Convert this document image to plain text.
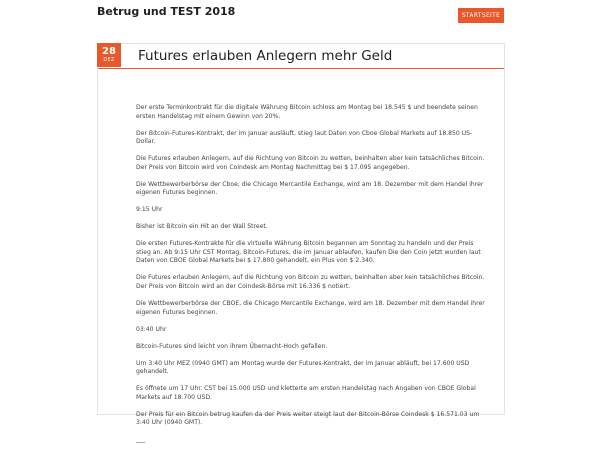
Betrug und TEST 2018	STARTSEITE
28
DEZ Futures erlauben Anlegern mehr Geld

Der erste Terminkontrakt für die digitale Währung Bitcoin schloss am Montag bei 18.545 $ und beendete seinen ersten Handelstag mit einem Gewinn von 20%.

Der Bitcoin-Futures-Kontrakt, der im Januar ausläuft, stieg laut Daten von Cboe Global Markets auf 18.850 US-Dollar.

Die Futures erlauben Anlegern, auf die Richtung von Bitcoin zu wetten, beinhalten aber kein tatsächliches Bitcoin. Der Preis von Bitcoin wird von Coindesk am Montag Nachmittag bei $ 17.095 angegeben.

Die Wettbewerberbörse der Cboe, die Chicago Mercantile Exchange, wird am 18. Dezember mit dem Handel ihrer eigenen Futures beginnen.

9:15 Uhr

Bisher ist Bitcoin ein Hit an der Wall Street.

Die ersten Futures-Kontrakte für die virtuelle Währung Bitcoin begannen am Sonntag zu handeln und der Preis stieg an. Ab 9:15 Uhr CST Montag, Bitcoin-Futures, die im Januar ablaufen, kaufen Die den Coin jetzt wurden laut Daten von CBOE Global Markets bei $ 17.800 gehandelt, ein Plus von $ 2.340.

Die Futures erlauben Anlegern, auf die Richtung von Bitcoin zu wetten, beinhalten aber kein tatsächliches Bitcoin. Der Preis von Bitcoin wird an der Coindesk-Börse mit 16.336 $ notiert.

Die Wettbewerberbörse der CBOE, die Chicago Mercantile Exchange, wird am 18. Dezember mit dem Handel ihrer eigenen Futures beginnen.

03:40 Uhr

Bitcoin-Futures sind leicht von ihrem Übernacht-Hoch gefallen.

Um 3:40 Uhr MEZ (0940 GMT) am Montag wurde der Futures-Kontrakt, der im Januar abläuft, bei 17.600 USD gehandelt.

Es öffnete um 17 Uhr. CST bei 15.000 USD und kletterte am ersten Handelstag nach Angaben von CBOE Global Markets auf 18.700 USD.

Der Preis für ein Bitcoin betrug kaufen da der Preis weiter steigt laut der Bitcoin-Börse Coindesk $ 16.571.03 um 3:40 Uhr (0940 GMT).

___
